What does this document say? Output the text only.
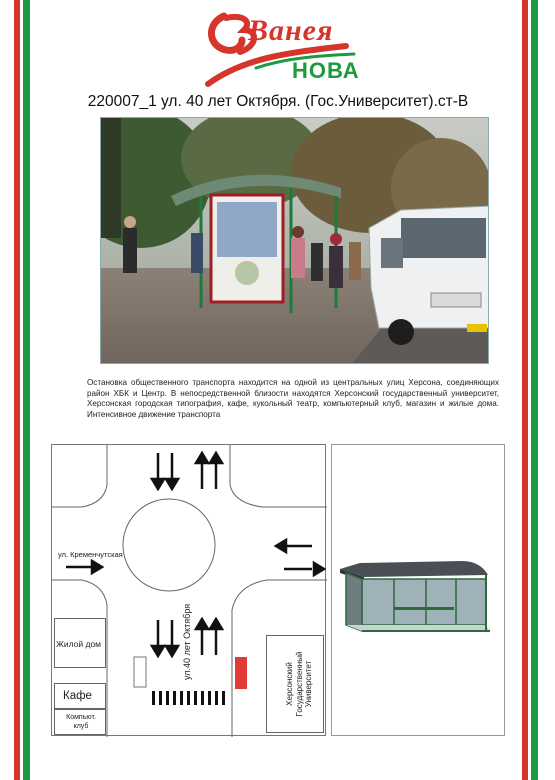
Ванея
НОВА
220007_1 ул. 40 лет Октября. (Гос.Университет).ст-В
Остановка общественного транспорта находится на одной из центральных улиц Херсона, соединяющих район ХБК и Центр. В непосредственной близости находятся Херсонский государственный университет, Херсонская городская типография, кафе, кукольный театр, компьютерный клуб, магазин и жилые дома. Интенсивное движение транспорта
ул. Кременчутская
ул.40 лет Октября
Жилой дом
Кафе
Компьют. клуб
Херсонский Государственный Университет
